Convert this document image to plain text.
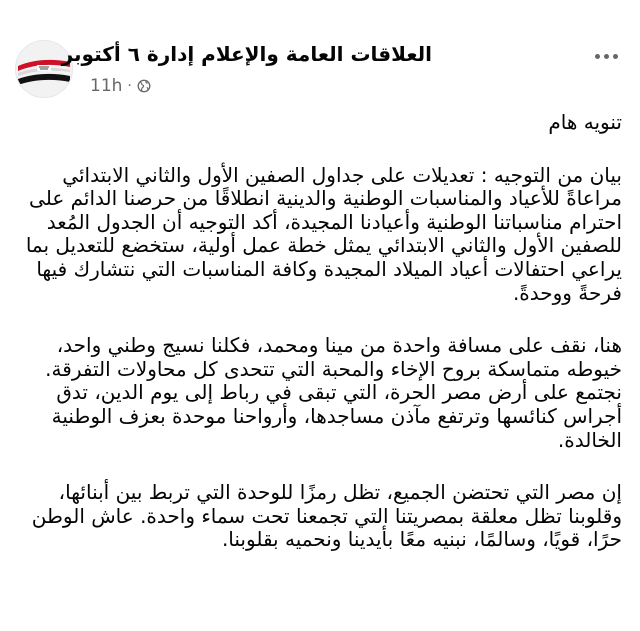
العلاقات العامة والإعلام إدارة ٦ أكتوبر
11h ·

تنويه هام

بيان من التوجيه : تعديلات على جداول الصفين الأول والثاني الابتدائي مراعاةً للأعياد والمناسبات الوطنية والدينية انطلاقًا من حرصنا الدائم على احترام مناسباتنا الوطنية وأعيادنا المجيدة، أكد التوجيه أن الجدول المُعد للصفين الأول والثاني الابتدائي يمثل خطة عمل أولية، ستخضع للتعديل بما يراعي احتفالات أعياد الميلاد المجيدة وكافة المناسبات التي نتشارك فيها فرحةً ووحدةً.

هنا، نقف على مسافة واحدة من مينا ومحمد، فكلنا نسيج وطني واحد، خيوطه متماسكة بروح الإخاء والمحبة التي تتحدى كل محاولات التفرقة. نجتمع على أرض مصر الحرة، التي تبقى في رباط إلى يوم الدين، تدق أجراس كنائسها وترتفع مآذن مساجدها، وأرواحنا موحدة بعزف الوطنية الخالدة.

إن مصر التي تحتضن الجميع، تظل رمزًا للوحدة التي تربط بين أبنائها، وقلوبنا تظل معلقة بمصريتنا التي تجمعنا تحت سماء واحدة. عاش الوطن حرًا، قويًا، وسالمًا، نبنيه معًا بأيدينا ونحميه بقلوبنا.
